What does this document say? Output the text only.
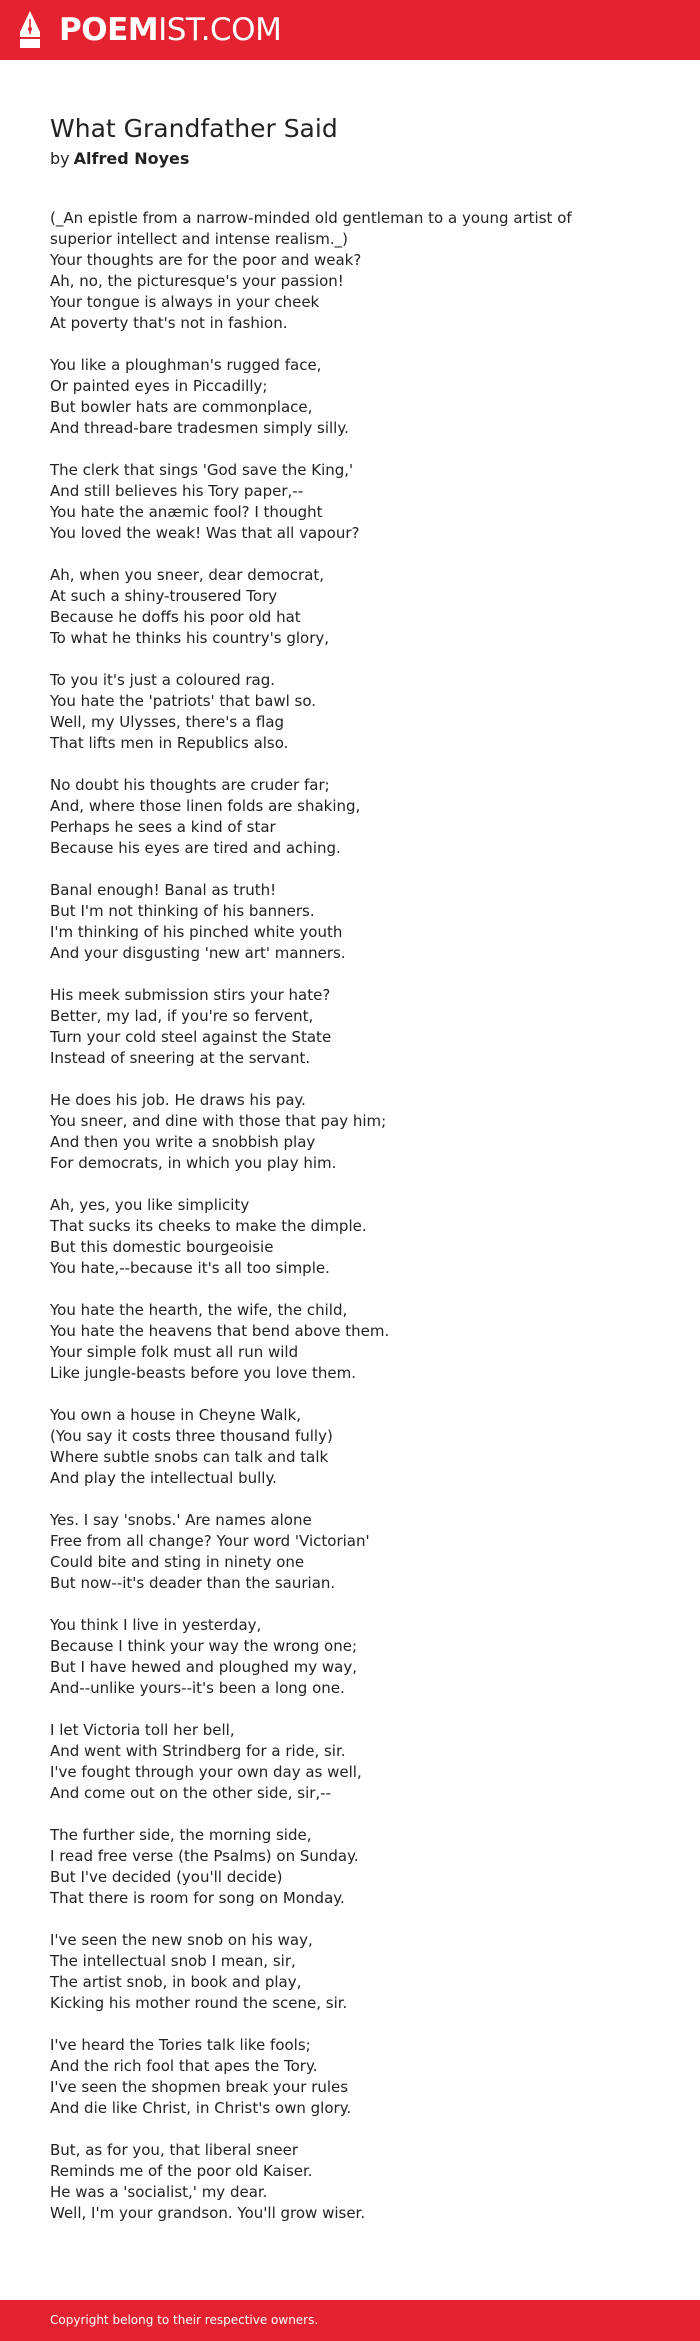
POEMIST.COM
What Grandfather Said
by Alfred Noyes
(_An epistle from a narrow-minded old gentleman to a young artist of
superior intellect and intense realism._)
Your thoughts are for the poor and weak?
Ah, no, the picturesque's your passion!
Your tongue is always in your cheek
At poverty that's not in fashion.
You like a ploughman's rugged face,
Or painted eyes in Piccadilly;
But bowler hats are commonplace,
And thread-bare tradesmen simply silly.
The clerk that sings 'God save the King,'
And still believes his Tory paper,--
You hate the anæmic fool? I thought
You loved the weak! Was that all vapour?
Ah, when you sneer, dear democrat,
At such a shiny-trousered Tory
Because he doffs his poor old hat
To what he thinks his country's glory,
To you it's just a coloured rag.
You hate the 'patriots' that bawl so.
Well, my Ulysses, there's a flag
That lifts men in Republics also.
No doubt his thoughts are cruder far;
And, where those linen folds are shaking,
Perhaps he sees a kind of star
Because his eyes are tired and aching.
Banal enough! Banal as truth!
But I'm not thinking of his banners.
I'm thinking of his pinched white youth
And your disgusting 'new art' manners.
His meek submission stirs your hate?
Better, my lad, if you're so fervent,
Turn your cold steel against the State
Instead of sneering at the servant.
He does his job. He draws his pay.
You sneer, and dine with those that pay him;
And then you write a snobbish play
For democrats, in which you play him.
Ah, yes, you like simplicity
That sucks its cheeks to make the dimple.
But this domestic bourgeoisie
You hate,--because it's all too simple.
You hate the hearth, the wife, the child,
You hate the heavens that bend above them.
Your simple folk must all run wild
Like jungle-beasts before you love them.
You own a house in Cheyne Walk,
(You say it costs three thousand fully)
Where subtle snobs can talk and talk
And play the intellectual bully.
Yes. I say 'snobs.' Are names alone
Free from all change? Your word 'Victorian'
Could bite and sting in ninety one
But now--it's deader than the saurian.
You think I live in yesterday,
Because I think your way the wrong one;
But I have hewed and ploughed my way,
And--unlike yours--it's been a long one.
I let Victoria toll her bell,
And went with Strindberg for a ride, sir.
I've fought through your own day as well,
And come out on the other side, sir,--
The further side, the morning side,
I read free verse (the Psalms) on Sunday.
But I've decided (you'll decide)
That there is room for song on Monday.
I've seen the new snob on his way,
The intellectual snob I mean, sir,
The artist snob, in book and play,
Kicking his mother round the scene, sir.
I've heard the Tories talk like fools;
And the rich fool that apes the Tory.
I've seen the shopmen break your rules
And die like Christ, in Christ's own glory.
But, as for you, that liberal sneer
Reminds me of the poor old Kaiser.
He was a 'socialist,' my dear.
Well, I'm your grandson. You'll grow wiser.
Copyright belong to their respective owners.
